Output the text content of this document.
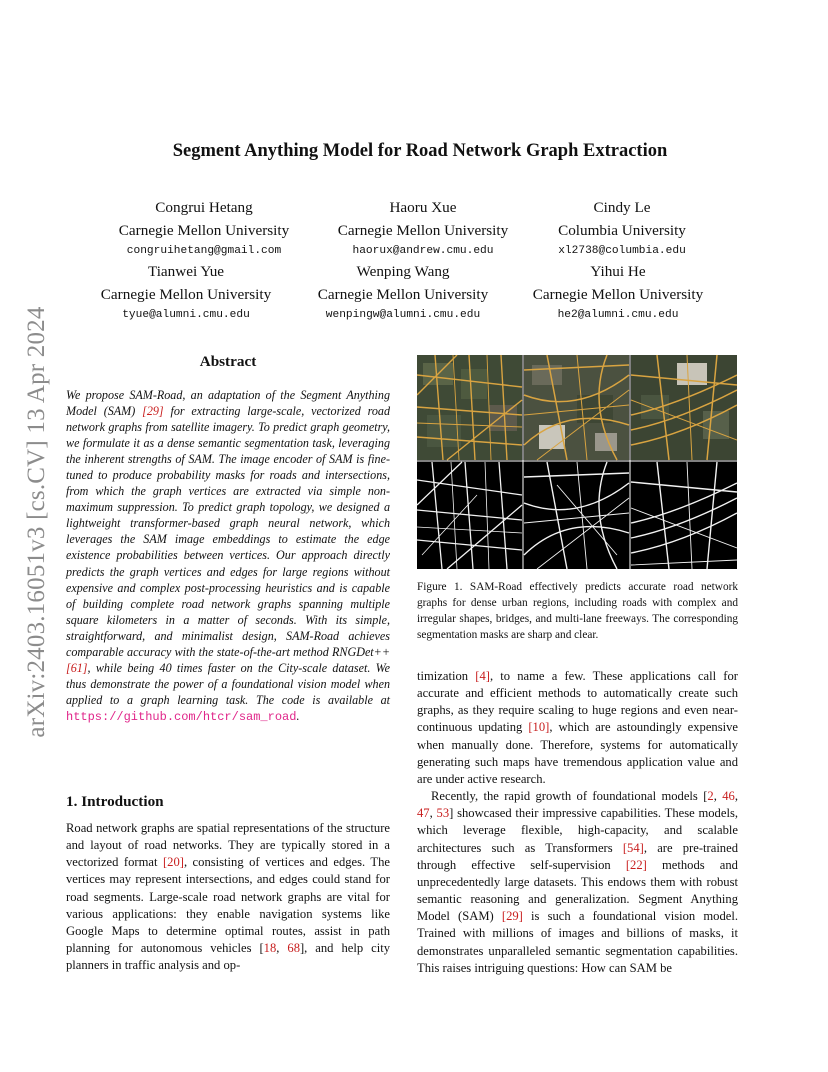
arXiv:2403.16051v3 [cs.CV] 13 Apr 2024
Segment Anything Model for Road Network Graph Extraction
Congrui Hetang
Carnegie Mellon University
congruihetang@gmail.com
Haoru Xue
Carnegie Mellon University
haorux@andrew.cmu.edu
Cindy Le
Columbia University
xl2738@columbia.edu
Tianwei Yue
Carnegie Mellon University
tyue@alumni.cmu.edu
Wenping Wang
Carnegie Mellon University
wenpingw@alumni.cmu.edu
Yihui He
Carnegie Mellon University
he2@alumni.cmu.edu
Abstract

We propose SAM-Road, an adaptation of the Segment Anything Model (SAM) [29] for extracting large-scale, vectorized road network graphs from satellite imagery. To predict graph geometry, we formulate it as a dense semantic segmentation task, leveraging the inherent strengths of SAM. The image encoder of SAM is fine-tuned to produce probability masks for roads and intersections, from which the graph vertices are extracted via simple non-maximum suppression. To predict graph topology, we designed a lightweight transformer-based graph neural network, which leverages the SAM image embeddings to estimate the edge existence probabilities between vertices. Our approach directly predicts the graph vertices and edges for large regions without expensive and complex post-processing heuristics and is capable of building complete road network graphs spanning multiple square kilometers in a matter of seconds. With its simple, straightforward, and minimalist design, SAM-Road achieves comparable accuracy with the state-of-the-art method RNGDet++[61], while being 40 times faster on the City-scale dataset. We thus demonstrate the power of a foundational vision model when applied to a graph learning task. The code is available at https://github.com/htcr/sam_road.

Figure 1. SAM-Road effectively predicts accurate road network graphs for dense urban regions, including roads with complex and irregular shapes, bridges, and multi-lane freeways. The corresponding segmentation masks are sharp and clear.

timization [4], to name a few. These applications call for accurate and efficient methods to automatically create such graphs, as they require scaling to huge regions and even near-continuous updating [10], which are astoundingly expensive when manually done. Therefore, systems for automatically generating such maps have tremendous application value and are under active research.

Recently, the rapid growth of foundational models [2, 46, 47, 53] showcased their impressive capabilities. These models, which leverage flexible, high-capacity, and scalable architectures such as Transformers [54], are pre-trained through effective self-supervision [22] methods and unprecedentedly large datasets. This endows them with robust semantic reasoning and generalization. Segment Anything Model (SAM) [29] is such a foundational vision model. Trained with millions of images and billions of masks, it demonstrates unparalleled semantic segmentation capabilities. This raises intriguing questions: How can SAM be

1. Introduction

Road network graphs are spatial representations of the structure and layout of road networks. They are typically stored in a vectorized format [20], consisting of vertices and edges. The vertices may represent intersections, and edges could stand for road segments. Large-scale road network graphs are vital for various applications: they enable navigation systems like Google Maps to determine optimal routes, assist in path planning for autonomous vehicles [18, 68], and help city planners in traffic analysis and op-
